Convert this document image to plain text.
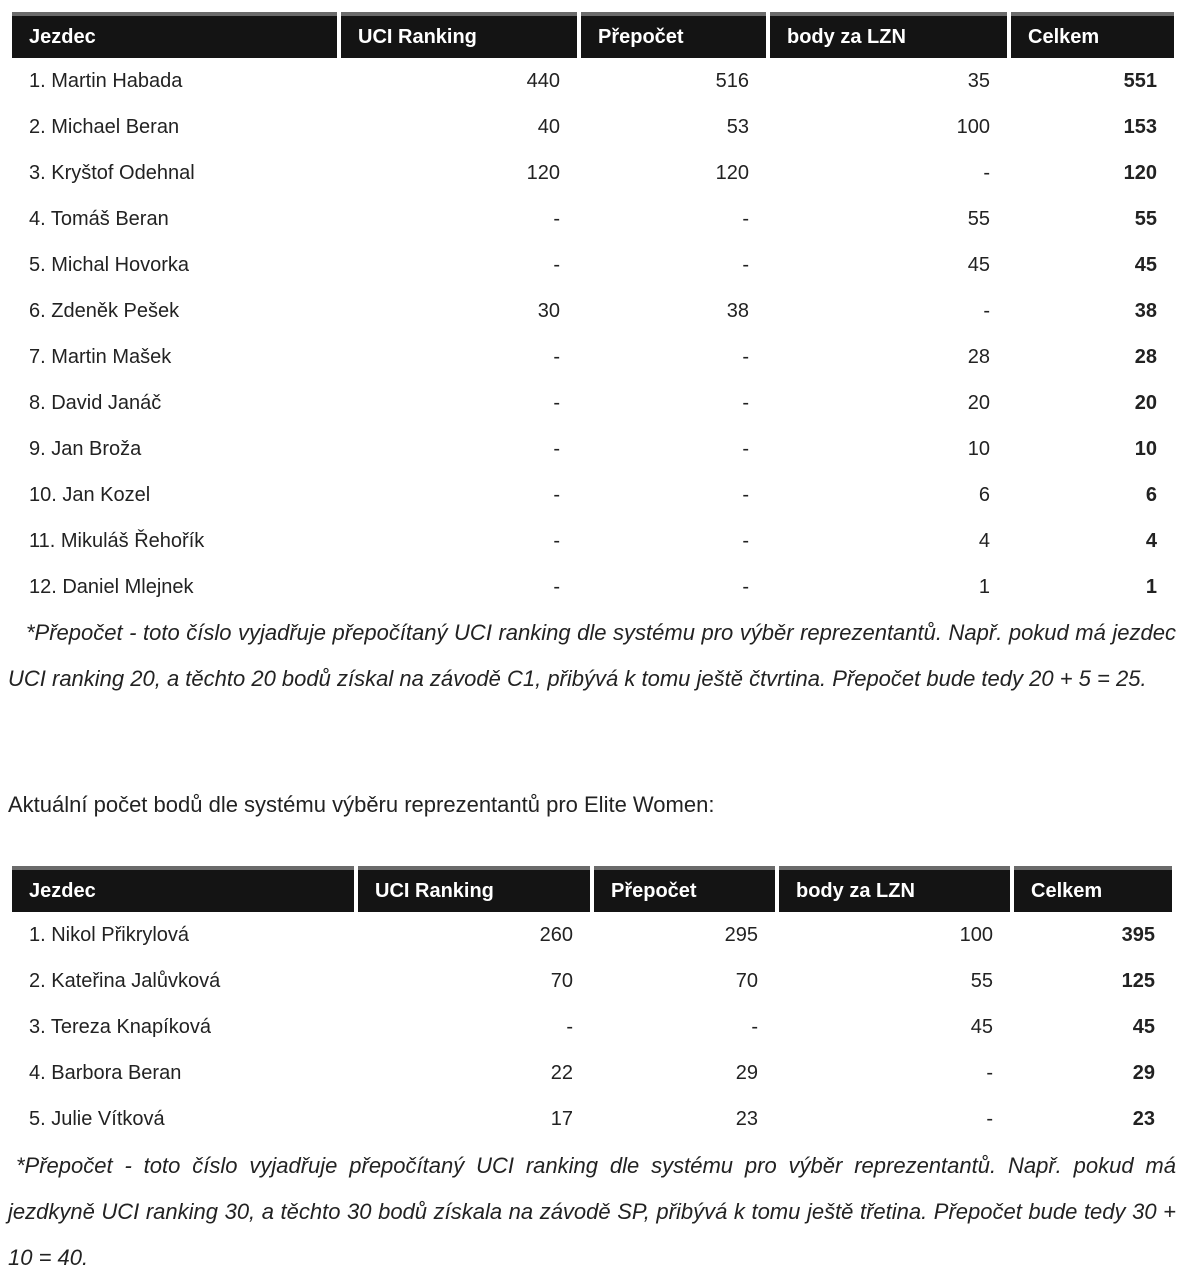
Jezdec	UCI Ranking	Přepočet	body za LZN	Celkem
1. Martin Habada	440	516	35	551
2. Michael Beran	40	53	100	153
3. Kryštof Odehnal	120	120	-	120
4. Tomáš Beran	-	-	55	55
5. Michal Hovorka	-	-	45	45
6. Zdeněk Pešek	30	38	-	38
7. Martin Mašek	-	-	28	28
8. David Janáč	-	-	20	20
9. Jan Brožа	-	-	10	10
10. Jan Kozel	-	-	6	6
11. Mikuláš Řehořík	-	-	4	4
12. Daniel Mlejnek	-	-	1	1

*Přepočet - toto číslo vyjadřuje přepočítaný UCI ranking dle systému pro výběr reprezentantů. Např. pokud má jezdec UCI ranking 20, a těchto 20 bodů získal na závodě C1, přibývá k tomu ještě čtvrtina. Přepočet bude tedy 20 + 5 = 25.

Aktuální počet bodů dle systému výběru reprezentantů pro Elite Women:

Jezdec	UCI Ranking	Přepočet	body za LZN	Celkem
1. Nikol Přikrylová	260	295	100	395
2. Kateřina Jalůvková	70	70	55	125
3. Tereza Knapíková	-	-	45	45
4. Barbora Beran	22	29	-	29
5. Julie Vítková	17	23	-	23

*Přepočet - toto číslo vyjadřuje přepočítaný UCI ranking dle systému pro výběr reprezentantů. Např. pokud má jezdkyně UCI ranking 30, a těchto 30 bodů získala na závodě SP, přibývá k tomu ještě třetina. Přepočet bude tedy 30 + 10 = 40.
